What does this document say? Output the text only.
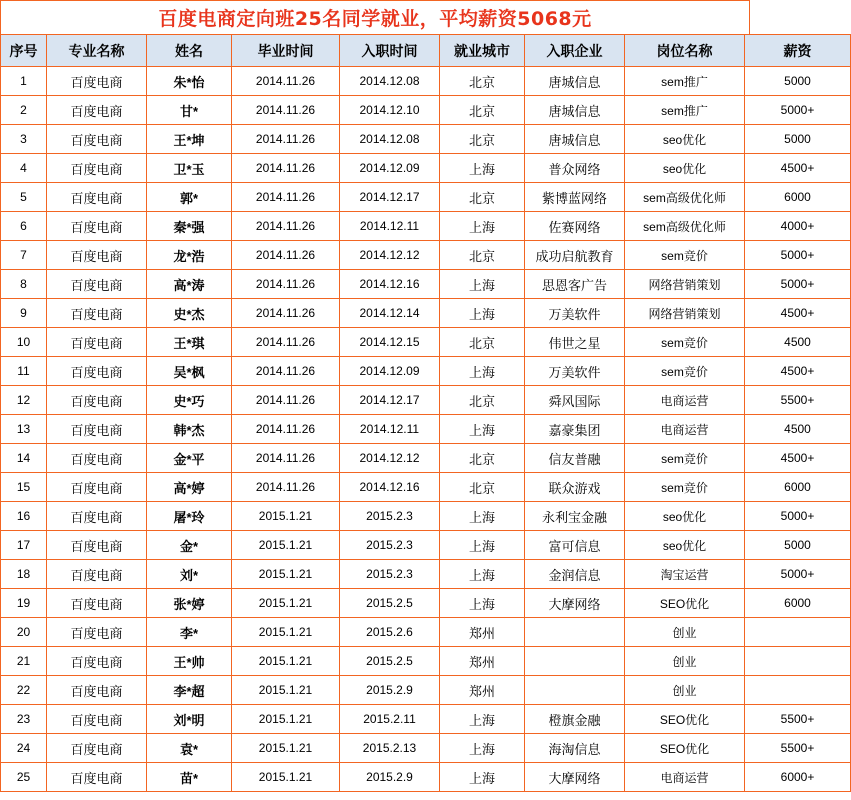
百度电商定向班25名同学就业，平均薪资5068元
序号	专业名称	姓名	毕业时间	入职时间	就业城市	入职企业	岗位名称	薪资
1	百度电商	朱*怡	2014.11.26	2014.12.08	北京	唐城信息	sem推广	5000
2	百度电商	甘*	2014.11.26	2014.12.10	北京	唐城信息	sem推广	5000+
3	百度电商	王*坤	2014.11.26	2014.12.08	北京	唐城信息	seo优化	5000
4	百度电商	卫*玉	2014.11.26	2014.12.09	上海	普众网络	seo优化	4500+
5	百度电商	郭*	2014.11.26	2014.12.17	北京	紫博蓝网络	sem高级优化师	6000
6	百度电商	秦*强	2014.11.26	2014.12.11	上海	佐赛网络	sem高级优化师	4000+
7	百度电商	龙*浩	2014.11.26	2014.12.12	北京	成功启航教育	sem竞价	5000+
8	百度电商	高*涛	2014.11.26	2014.12.16	上海	思恩客广告	网络营销策划	5000+
9	百度电商	史*杰	2014.11.26	2014.12.14	上海	万美软件	网络营销策划	4500+
10	百度电商	王*琪	2014.11.26	2014.12.15	北京	伟世之星	sem竞价	4500
11	百度电商	吴*枫	2014.11.26	2014.12.09	上海	万美软件	sem竞价	4500+
12	百度电商	史*巧	2014.11.26	2014.12.17	北京	舜风国际	电商运营	5500+
13	百度电商	韩*杰	2014.11.26	2014.12.11	上海	嘉豪集团	电商运营	4500
14	百度电商	金*平	2014.11.26	2014.12.12	北京	信友普融	sem竞价	4500+
15	百度电商	高*婷	2014.11.26	2014.12.16	北京	联众游戏	sem竞价	6000
16	百度电商	屠*玲	2015.1.21	2015.2.3	上海	永利宝金融	seo优化	5000+
17	百度电商	金*	2015.1.21	2015.2.3	上海	富可信息	seo优化	5000
18	百度电商	刘*	2015.1.21	2015.2.3	上海	金润信息	淘宝运营	5000+
19	百度电商	张*婷	2015.1.21	2015.2.5	上海	大摩网络	SEO优化	6000
20	百度电商	李*	2015.1.21	2015.2.6	郑州		创业	
21	百度电商	王*帅	2015.1.21	2015.2.5	郑州		创业	
22	百度电商	李*超	2015.1.21	2015.2.9	郑州		创业	
23	百度电商	刘*明	2015.1.21	2015.2.11	上海	橙旗金融	SEO优化	5500+
24	百度电商	袁*	2015.1.21	2015.2.13	上海	海淘信息	SEO优化	5500+
25	百度电商	苗*	2015.1.21	2015.2.9	上海	大摩网络	电商运营	6000+
